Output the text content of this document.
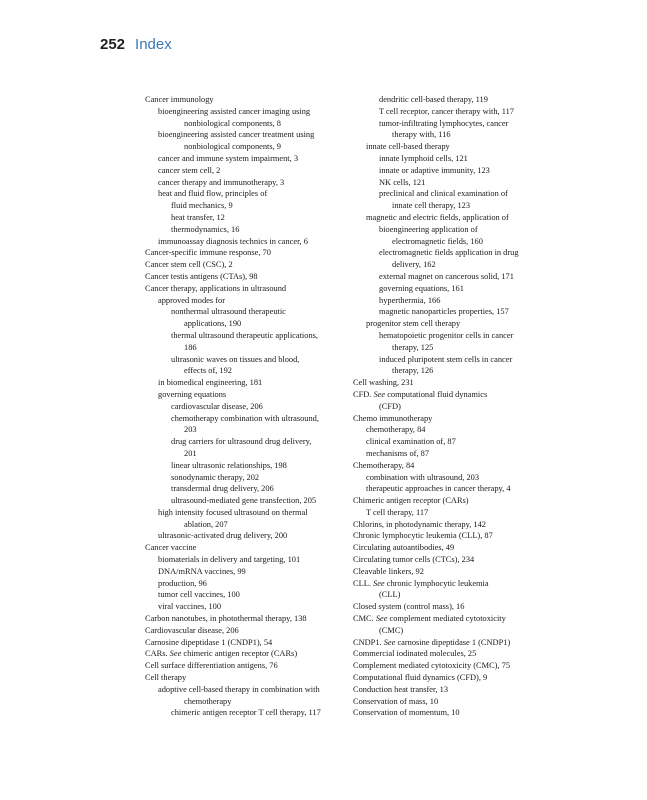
252 Index
Cancer immunology
bioengineering assisted cancer imaging using
nonbiological components, 8
bioengineering assisted cancer treatment using
nonbiological components, 9
cancer and immune system impairment, 3
cancer stem cell, 2
cancer therapy and immunotherapy, 3
heat and fluid flow, principles of
fluid mechanics, 9
heat transfer, 12
thermodynamics, 16
immunoassay diagnosis technics in cancer, 6
Cancer-specific immune response, 70
Cancer stem cell (CSC), 2
Cancer testis antigens (CTAs), 98
Cancer therapy, applications in ultrasound
approved modes for
nonthermal ultrasound therapeutic
applications, 190
thermal ultrasound therapeutic applications,
186
ultrasonic waves on tissues and blood,
effects of, 192
in biomedical engineering, 181
governing equations
cardiovascular disease, 206
chemotherapy combination with ultrasound,
203
drug carriers for ultrasound drug delivery,
201
linear ultrasonic relationships, 198
sonodynamic therapy, 202
transdermal drug delivery, 206
ultrasound-mediated gene transfection, 205
high intensity focused ultrasound on thermal
ablation, 207
ultrasonic-activated drug delivery, 200
Cancer vaccine
biomaterials in delivery and targeting, 101
DNA/mRNA vaccines, 99
production, 96
tumor cell vaccines, 100
viral vaccines, 100
Carbon nanotubes, in photothermal therapy, 138
Cardiovascular disease, 206
Carnosine dipeptidase 1 (CNDP1), 54
CARs. See chimeric antigen receptor (CARs)
Cell surface differentiation antigens, 76
Cell therapy
adoptive cell-based therapy in combination with
chemotherapy
chimeric antigen receptor T cell therapy, 117
dendritic cell-based therapy, 119
T cell receptor, cancer therapy with, 117
tumor-infiltrating lymphocytes, cancer
therapy with, 116
innate cell-based therapy
innate lymphoid cells, 121
innate or adaptive immunity, 123
NK cells, 121
preclinical and clinical examination of
innate cell therapy, 123
magnetic and electric fields, application of
bioengineering application of
electromagnetic fields, 160
electromagnetic fields application in drug
delivery, 162
external magnet on cancerous solid, 171
governing equations, 161
hyperthermia, 166
magnetic nanoparticles properties, 157
progenitor stem cell therapy
hematopoietic progenitor cells in cancer
therapy, 125
induced pluripotent stem cells in cancer
therapy, 126
Cell washing, 231
CFD. See computational fluid dynamics
(CFD)
Chemo immunotherapy
chemotherapy, 84
clinical examination of, 87
mechanisms of, 87
Chemotherapy, 84
combination with ultrasound, 203
therapeutic approaches in cancer therapy, 4
Chimeric antigen receptor (CARs)
T cell therapy, 117
Chlorins, in photodynamic therapy, 142
Chronic lymphocytic leukemia (CLL), 87
Circulating autoantibodies, 49
Circulating tumor cells (CTCs), 234
Cleavable linkers, 92
CLL. See chronic lymphocytic leukemia
(CLL)
Closed system (control mass), 16
CMC. See complement mediated cytotoxicity
(CMC)
CNDP1. See carnosine dipeptidase 1 (CNDP1)
Commercial iodinated molecules, 25
Complement mediated cytotoxicity (CMC), 75
Computational fluid dynamics (CFD), 9
Conduction heat transfer, 13
Conservation of mass, 10
Conservation of momentum, 10
